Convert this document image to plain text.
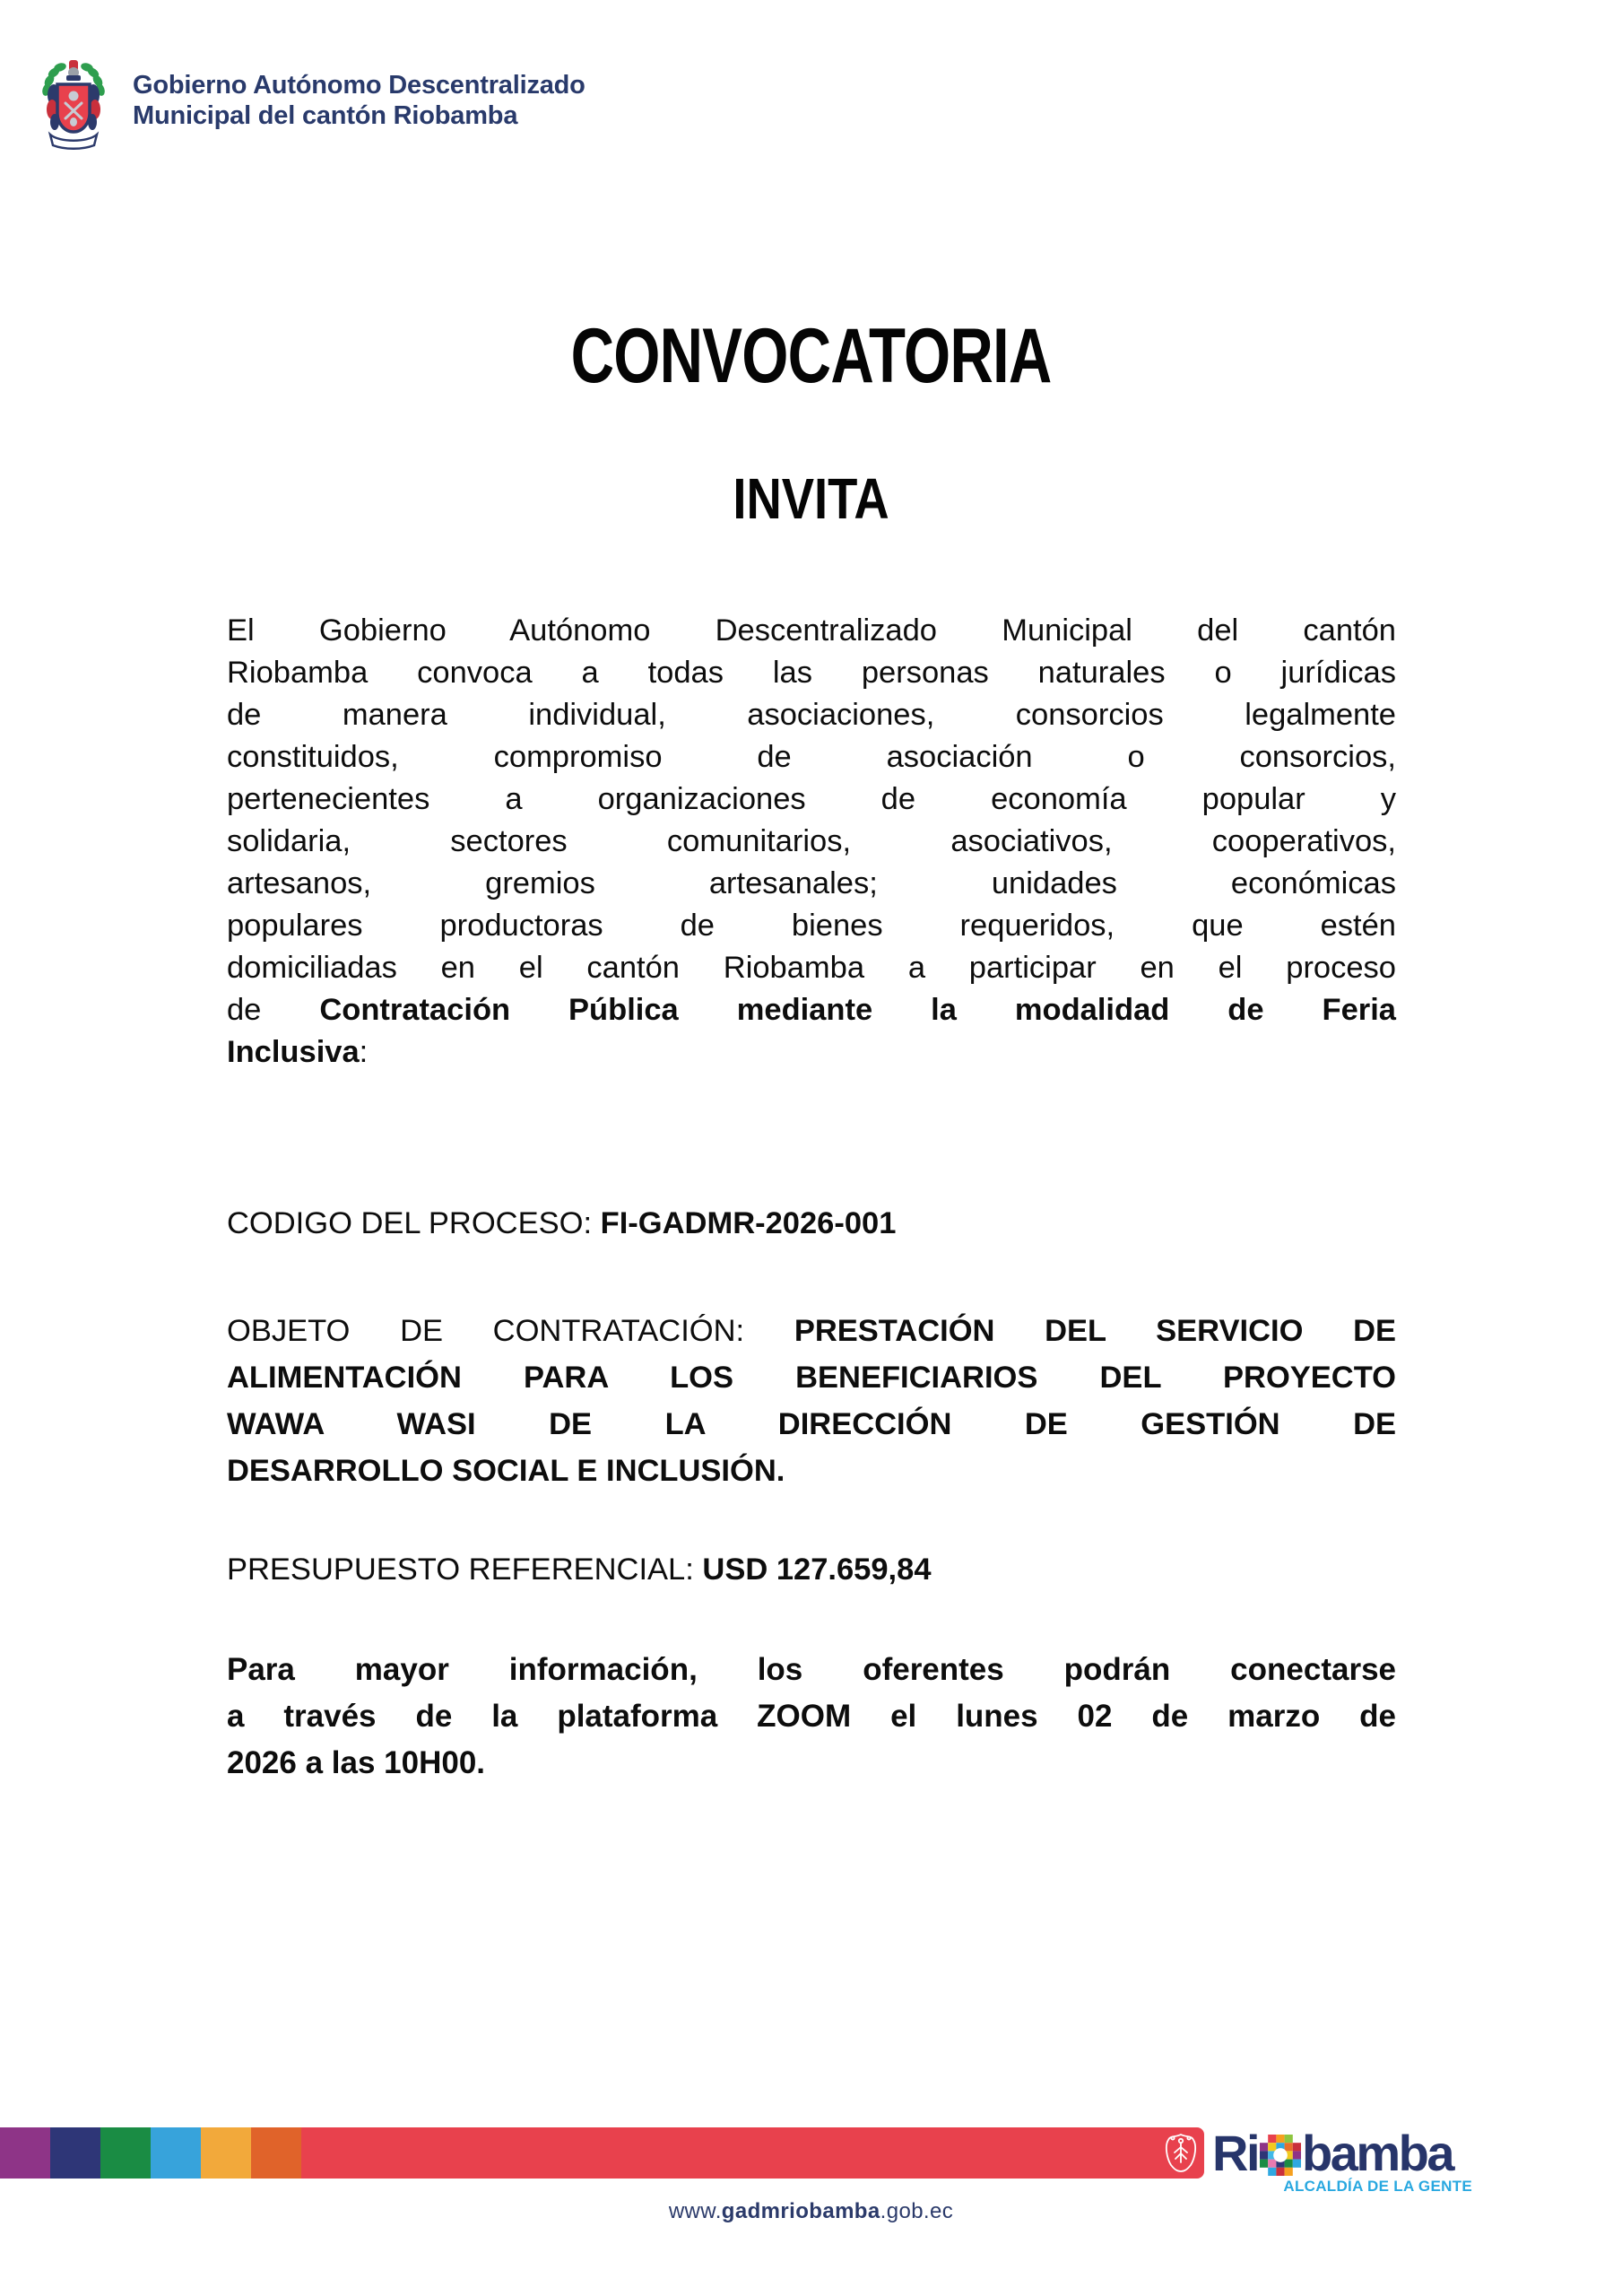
Gobierno Autónomo Descentralizado
Municipal del cantón Riobamba
CONVOCATORIA
INVITA
El Gobierno Autónomo Descentralizado Municipal del cantón
Riobamba convoca a todas las personas naturales o jurídicas
de manera individual, asociaciones, consorcios legalmente
constituidos, compromiso de asociación o consorcios,
pertenecientes a organizaciones de economía popular y
solidaria, sectores comunitarios, asociativos, cooperativos,
artesanos, gremios artesanales; unidades económicas
populares productoras de bienes requeridos, que estén
domiciliadas en el cantón Riobamba a participar en el proceso
de Contratación Pública mediante la modalidad de Feria
Inclusiva:
CODIGO DEL PROCESO: FI-GADMR-2026-001
OBJETO DE CONTRATACIÓN: PRESTACIÓN DEL SERVICIO DE
ALIMENTACIÓN PARA LOS BENEFICIARIOS DEL PROYECTO
WAWA WASI DE LA DIRECCIÓN DE GESTIÓN DE
DESARROLLO SOCIAL E INCLUSIÓN.
PRESUPUESTO REFERENCIAL: USD 127.659,84
Para mayor información, los oferentes podrán conectarse
a través de la plataforma ZOOM el lunes 02 de marzo de
2026 a las 10H00.
Ri bamba
ALCALDÍA DE LA GENTE
www.gadmriobamba.gob.ec
